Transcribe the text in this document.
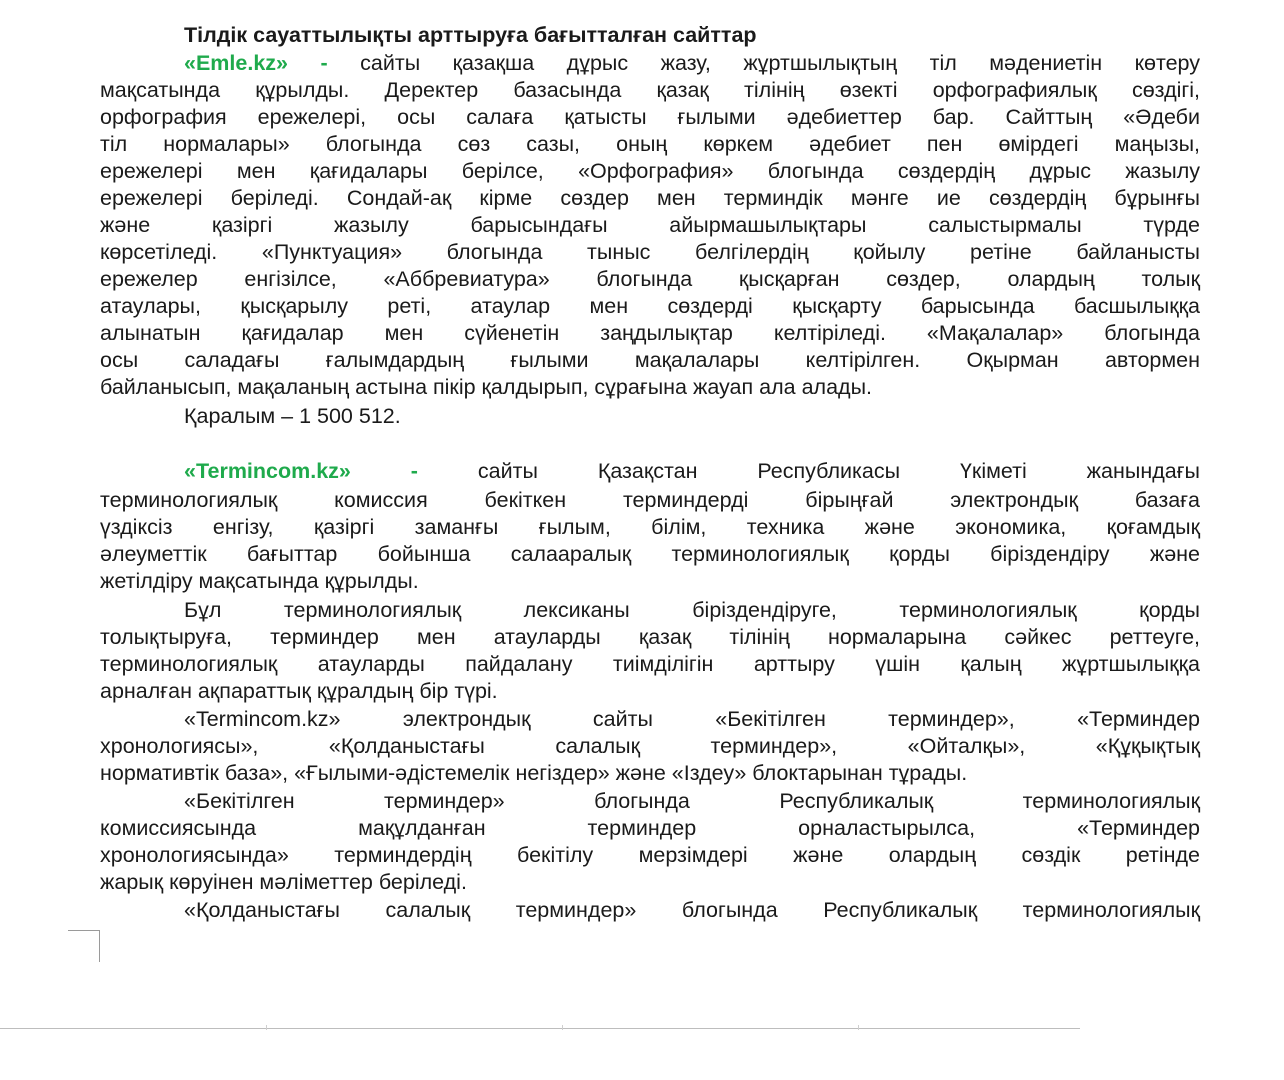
Тілдік сауаттылықты арттыруға бағытталған сайттар
«Emle.kz» - сайты қазақша дұрыс жазу, жұртшылықтың тіл мәдениетін көтеру
мақсатында құрылды. Деректер базасында қазақ тілінің өзекті орфографиялық сөздігі,
орфография ережелері, осы салаға қатысты ғылыми әдебиеттер бар. Сайттың «Әдеби
тіл нормалары» блогында сөз сазы, оның көркем әдебиет пен өмірдегі маңызы,
ережелері мен қағидалары берілсе, «Орфография» блогында сөздердің дұрыс жазылу
ережелері беріледі. Сондай-ақ кірме сөздер мен терминдік мәнге ие сөздердің бұрынғы
және қазіргі жазылу барысындағы айырмашылықтары салыстырмалы түрде
көрсетіледі. «Пунктуация» блогында тыныс белгілердің қойылу ретіне байланысты
ережелер енгізілсе, «Аббревиатура» блогында қысқарған сөздер, олардың толық
атаулары, қысқарылу реті, атаулар мен сөздерді қысқарту барысында басшылыққа
алынатын қағидалар мен сүйенетін заңдылықтар келтіріледі. «Мақалалар» блогында
осы саладағы ғалымдардың ғылыми мақалалары келтірілген. Оқырман автормен
байланысып, мақаланың астына пікір қалдырып, сұрағына жауап ала алады.
Қаралым – 1 500 512.
«Termincom.kz» -	сайты Қазақстан Республикасы Үкіметі жанындағы
терминологиялық комиссия бекіткен терминдерді бірыңғай электрондық базаға
үздіксіз енгізу, қазіргі заманғы ғылым, білім, техника және экономика, қоғамдық
әлеуметтік бағыттар бойынша салааралық терминологиялық қорды біріздендіру және
жетілдіру мақсатында құрылды.
Бұл терминологиялық лексиканы біріздендіруге, терминологиялық қорды
толықтыруға, терминдер мен атауларды қазақ тілінің нормаларына сәйкес реттеуге,
терминологиялық атауларды пайдалану тиімділігін арттыру үшін қалың жұртшылыққа
арналған ақпараттық құралдың бір түрі.
«Termincom.kz» электрондық сайты «Бекітілген терминдер», «Терминдер
хронологиясы», «Қолданыстағы салалық терминдер», «Ойталқы», «Құқықтық
нормативтік база», «Ғылыми-әдістемелік негіздер» және «Іздеу» блоктарынан тұрады.
«Бекітілген терминдер» блогында Республикалық терминологиялық
комиссиясында мақұлданған терминдер орналастырылса, «Терминдер
хронологиясында» терминдердің бекітілу мерзімдері және олардың сөздік ретінде
жарық көруінен мәліметтер беріледі.
«Қолданыстағы салалық терминдер» блогында Республикалық терминологиялық
